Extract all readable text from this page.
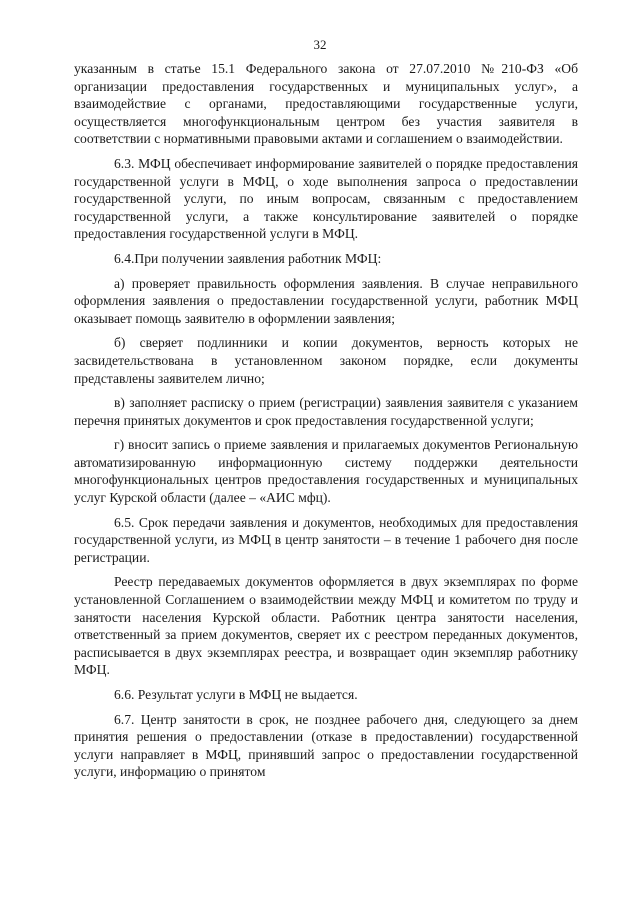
32

указанным в статье 15.1 Федерального закона от 27.07.2010 №210-ФЗ «Об организации предоставления государственных и муниципальных услуг», а взаимодействие с органами, предоставляющими государственные услуги, осуществляется многофункциональным центром без участия заявителя в соответствии с нормативными правовыми актами и соглашением о взаимодействии.

6.3. МФЦ обеспечивает информирование заявителей о порядке предоставления государственной услуги в МФЦ, о ходе выполнения запроса о предоставлении государственной услуги, по иным вопросам, связанным с предоставлением государственной услуги, а также консультирование заявителей о порядке предоставления государственной услуги в МФЦ.

6.4.При получении заявления работник МФЦ:

а) проверяет правильность оформления заявления. В случае неправильного оформления заявления о предоставлении государственной услуги, работник МФЦ оказывает помощь заявителю в оформлении заявления;

б) сверяет подлинники и копии документов, верность которых не засвидетельствована в установленном законом порядке, если документы представлены заявителем лично;

в) заполняет расписку о прием (регистрации) заявления заявителя с указанием перечня принятых документов и срок предоставления государственной услуги;

г) вносит запись о приеме заявления и прилагаемых документов Региональную автоматизированную информационную систему поддержки деятельности многофункциональных центров предоставления государственных и муниципальных услуг Курской области (далее – «АИС мфц).

6.5. Срок передачи заявления и документов, необходимых для предоставления государственной услуги, из МФЦ в центр занятости – в течение 1 рабочего дня после регистрации.

Реестр передаваемых документов оформляется в двух экземплярах по форме установленной Соглашением о взаимодействии между МФЦ и комитетом по труду и занятости населения Курской области. Работник центра занятости населения, ответственный за прием документов, сверяет их с реестром переданных документов, расписывается в двух экземплярах реестра, и возвращает один экземпляр работнику МФЦ.

6.6. Результат услуги в МФЦ не выдается.

6.7. Центр занятости в срок, не позднее рабочего дня, следующего за днем принятия решения о предоставлении (отказе в предоставлении) государственной услуги направляет в МФЦ, принявший запрос о предоставлении государственной услуги, информацию о принятом
